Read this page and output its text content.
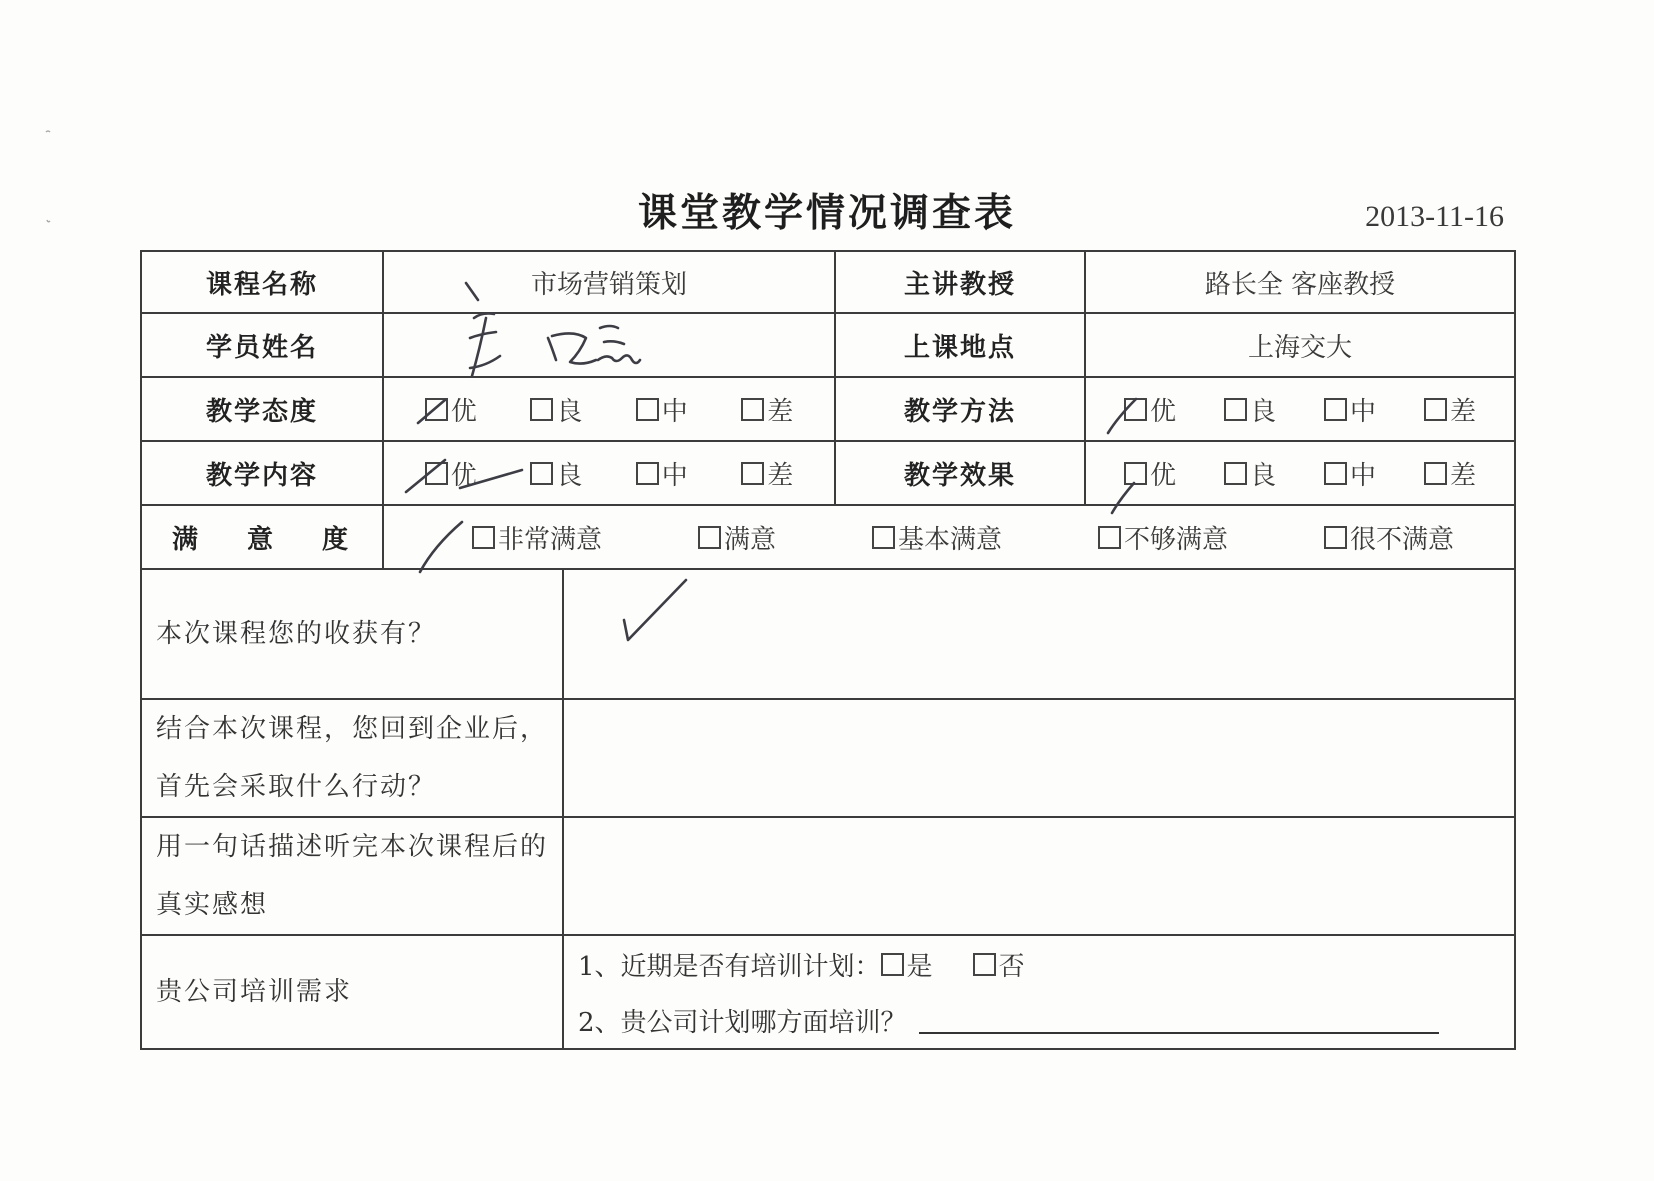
课堂教学情况调查表	2013-11-16
课程名称	市场营销策划		主讲教授	路长全 客座教授
学员姓名			上课地点	上海交大
教学态度	优 良 中 差		教学方法	优 良 中 差

教学内容	优 良 中 差		教学效果	优 良 中 差

满 意 度	非常满意 满意 基本满意 不够满意 很不满意			

本次课程您的收获有？				
结合本次课程，您回到企业后，首先会采取什么行动？				
用一句话描述听完本次课程后的真实感想				
贵公司培训需求		1、近期是否有培训计划： 是 否
2、贵公司计划哪方面培训？		
